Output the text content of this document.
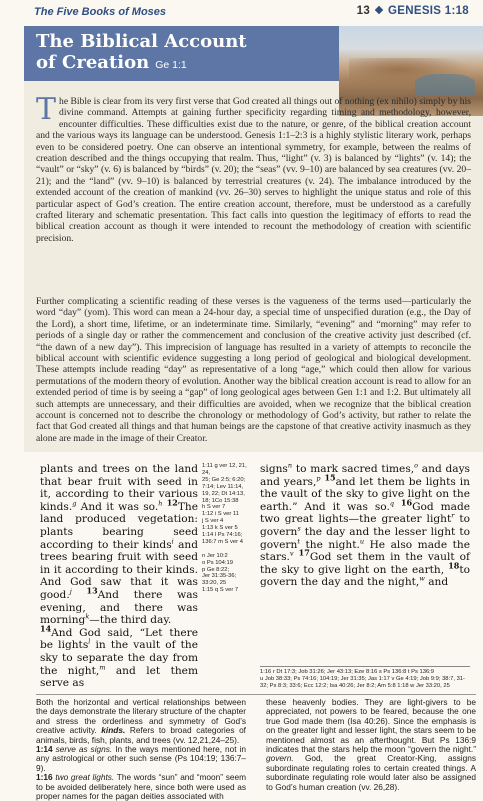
The Five Books of Moses	13 GENESIS 1:18
The Biblical Account
of Creation Ge 1:1
The Bible is clear from its very first verse that God created all things out of nothing (ex nihilo) simply by his divine command. Attempts at gaining further specificity regarding timing and methodology, however, encounter difficulties. These difficulties exist due to the nature, or genre, of the biblical creation account and the various ways its language can be understood. Genesis 1:1–2:3 is a highly stylistic literary work, perhaps even to be considered poetry. One can observe an intentional symmetry, for example, between the realms of creation described and the things occupying that realm. Thus, “light” (v. 3) is balanced by “lights” (v. 14); the “vault” or “sky” (v. 6) is balanced by “birds” (v. 20); the “seas” (vv. 9–10) are balanced by sea creatures (vv. 20–21); and the “land” (vv. 9–10) is balanced by terrestrial creatures (v. 24). The imbalance introduced by the extended account of the creation of mankind (vv. 26–30) serves to highlight the unique status and role of this particular aspect of God’s creation. The entire creation account, therefore, must be understood as a carefully crafted literary and schematic presentation. This fact calls into question the legitimacy of efforts to read the biblical creation account as though it were intended to recount the methodology of creation with scientific precision.
Further complicating a scientific reading of these verses is the vagueness of the terms used—particularly the word “day” (yom). This word can mean a 24-hour day, a special time of unspecified duration (e.g., the Day of the Lord), a short time, lifetime, or an indeterminate time. Similarly, “evening” and “morning” may refer to periods of a single day or rather the commencement and conclusion of the creative activity just described (cf. “the dawn of a new day”). This imprecision of language has resulted in a variety of attempts to reconcile the biblical account with scientific evidence suggesting a long period of geological and biological development. These attempts include reading “day” as representative of a long “age,” which could then allow for various permutations of the modern theory of evolution. Another way the biblical creation account is read to allow for an extended period of time is by seeing a “gap” of long geological ages between Gen 1:1 and 1:2. But ultimately all such attempts are unnecessary, and their difficulties are avoided, when we recognize that the biblical creation account is concerned not to describe the chronology or methodology of God’s activity, but rather to relate the fact that God created all things and that human beings are the capstone of that creative activity inasmuch as they alone are made in the image of their Creator.
plants and trees on the land that bear fruit with seed in it, according to their various kinds.$^g$ And it was so.$^h$ $^{12}$The land produced vegetation: plants bearing seed according to their kinds$^i$ and trees bearing fruit with seed in it according to their kinds. And God saw that it was good.$^j$ $^{13}$And there was evening, and there was morning$^k$—the third day.
$^{14}$And God said, “Let there be lights$^l$ in the vault of the sky to separate the day from the night,$^m$ and let them serve as
1:11 g ver 12, 21, 24,
25; Ge 2:5; 6:20;
7:14; Lev 11:14,
19, 22; Dt 14:13,
18; 1Co 15:38
h S ver 7
1:12 i S ver 11
j S ver 4
1:13 k S ver 5
1:14 l Ps 74:16;
136:7 m S ver 4
n Jer 10:2
o Ps 104:19
p Ge 8:22;
Jer 31:35-36;
33:20, 25
1:15 q S ver 7
signs$^n$ to mark sacred times,$^o$ and days and years,$^p$ $^{15}$and let them be lights in the vault of the sky to give light on the earth.” And it was so.$^q$ $^{16}$God made two great lights—the greater light$^r$ to govern$^s$ the day and the lesser light to govern$^t$ the night.$^u$ He also made the stars.$^v$ $^{17}$God set them in the vault of the sky to give light on the earth, $^{18}$to govern the day and the night,$^w$ and
1:16 r Dt 17:3; Job 31:26; Jer 43:13; Eze 8:16 s Ps 136:8 t Ps 136:9
u Job 38:33; Ps 74:16; 104:19; Jer 31:35; Jas 1:17 v Ge 4:19; Job 9:9; 38:7, 31-
32; Ps 8:3; 33:6; Ecc 12:2; Isa 40:26; Jer 8:2; Am 5:8 1:18 w Jer 33:20, 25
Both the horizontal and vertical relationships between the days demonstrate the literary structure of the chapter and stress the orderliness and symmetry of God’s creative activity. kinds. Refers to broad categories of animals, birds, fish, plants, and trees (vv. 12,21,24–25).
1:14 serve as signs. In the ways mentioned here, not in any astrological or other such sense (Ps 104:19; 136:7–9).
1:16 two great lights. The words “sun” and “moon” seem to be avoided deliberately here, since both were used as proper names for the pagan deities associated with
these heavenly bodies. They are light-givers to be appreciated, not powers to be feared, because the one true God made them (Isa 40:26). Since the emphasis is on the greater light and lesser light, the stars seem to be mentioned almost as an afterthought. But Ps 136:9 indicates that the stars help the moon “govern the night.” govern. God, the great Creator-King, assigns subordinate regulating roles to certain created things. A subordinate regulating role would later also be assigned to God’s human creation (vv. 26,28).
